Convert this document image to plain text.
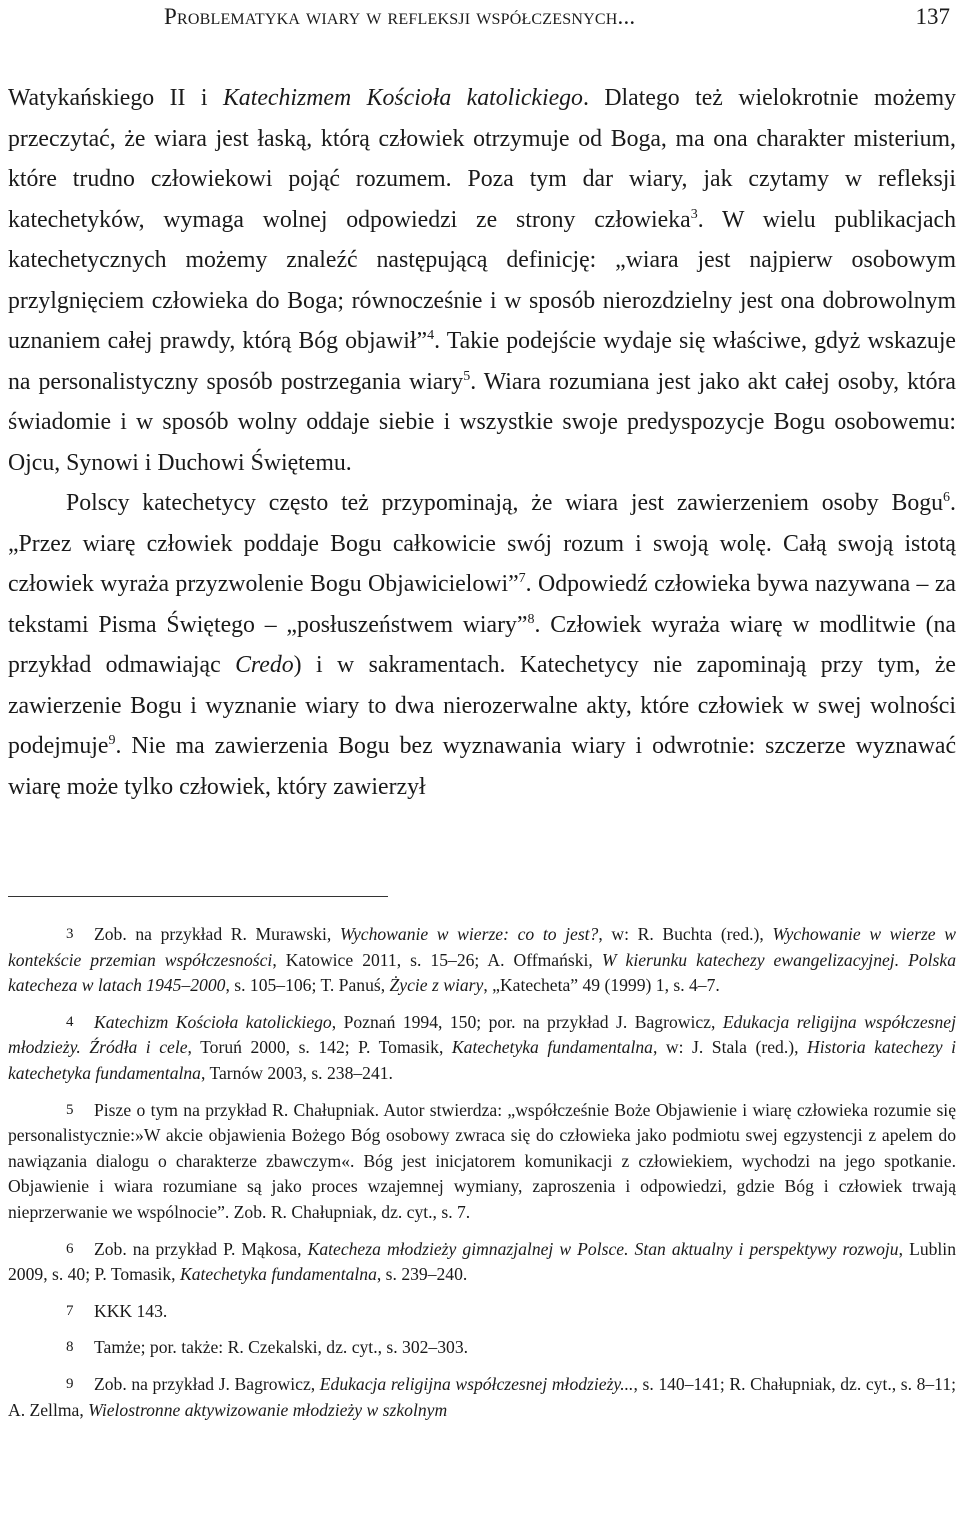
Problematyka wiary w refleksji współczesnych...	137

Watykańskiego II i Katechizmem Kościoła katolickiego. Dlatego też wielokrotnie możemy przeczytać, że wiara jest łaską, którą człowiek otrzymuje od Boga, ma ona charakter misterium, które trudno człowiekowi pojąć rozumem. Poza tym dar wiary, jak czytamy w refleksji katechetyków, wymaga wolnej odpowiedzi ze strony człowieka$^3$. W wielu publikacjach katechetycznych możemy znaleźć następującą definicję: „wiara jest najpierw osobowym przylgnięciem człowieka do Boga; równocześnie i w sposób nierozdzielny jest ona dobrowolnym uznaniem całej prawdy, którą Bóg objawił”$^4$. Takie podejście wydaje się właściwe, gdyż wskazuje na personalistyczny sposób postrzegania wiary$^5$. Wiara rozumiana jest jako akt całej osoby, która świadomie i w sposób wolny oddaje siebie i wszystkie swoje predyspozycje Bogu osobowemu: Ojcu, Synowi i Duchowi Świętemu.

Polscy katechetycy często też przypominają, że wiara jest zawierzeniem osoby Bogu$^6$. „Przez wiarę człowiek poddaje Bogu całkowicie swój rozum i swoją wolę. Całą swoją istotą człowiek wyraża przyzwolenie Bogu Objawicielowi”$^7$. Odpowiedź człowieka bywa nazywana – za tekstami Pisma Świętego – „posłuszeństwem wiary”$^8$. Człowiek wyraża wiarę w modlitwie (na przykład odmawiając Credo) i w sakramentach. Katechetycy nie zapominają przy tym, że zawierzenie Bogu i wyznanie wiary to dwa nierozerwalne akty, które człowiek w swej wolności podejmuje$^9$. Nie ma zawierzenia Bogu bez wyznawania wiary i odwrotnie: szczerze wyznawać wiarę może tylko człowiek, który zawierzył

3 Zob. na przykład R. Murawski, Wychowanie w wierze: co to jest?, w: R. Buchta (red.), Wychowanie w wierze w kontekście przemian współczesności, Katowice 2011, s. 15–26; A. Offmański, W kierunku katechezy ewangelizacyjnej. Polska katecheza w latach 1945–2000, s. 105–106; T. Panuś, Życie z wiary, „Katecheta” 49 (1999) 1, s. 4–7.

4 Katechizm Kościoła katolickiego, Poznań 1994, 150; por. na przykład J. Bagrowicz, Edukacja religijna współczesnej młodzieży. Źródła i cele, Toruń 2000, s. 142; P. Tomasik, Katechetyka fundamentalna, w: J. Stala (red.), Historia katechezy i katechetyka fundamentalna, Tarnów 2003, s. 238–241.

5 Pisze o tym na przykład R. Chałupniak. Autor stwierdza: „współcześnie Boże Objawienie i wiarę człowieka rozumie się personalistycznie:»W akcie objawienia Bożego Bóg osobowy zwraca się do człowieka jako podmiotu swej egzystencji z apelem do nawiązania dialogu o charakterze zbawczym«. Bóg jest inicjatorem komunikacji z człowiekiem, wychodzi na jego spotkanie. Objawienie i wiara rozumiane są jako proces wzajemnej wymiany, zaproszenia i odpowiedzi, gdzie Bóg i człowiek trwają nieprzerwanie we wspólnocie”. Zob. R. Chałupniak, dz. cyt., s. 7.

6 Zob. na przykład P. Mąkosa, Katecheza młodzieży gimnazjalnej w Polsce. Stan aktualny i perspektywy rozwoju, Lublin 2009, s. 40; P. Tomasik, Katechetyka fundamentalna, s. 239–240.

7 KKK 143.

8 Tamże; por. także: R. Czekalski, dz. cyt., s. 302–303.

9 Zob. na przykład J. Bagrowicz, Edukacja religijna współczesnej młodzieży..., s. 140–141; R. Chałupniak, dz. cyt., s. 8–11; A. Zellma, Wielostronne aktywizowanie młodzieży w szkolnym
